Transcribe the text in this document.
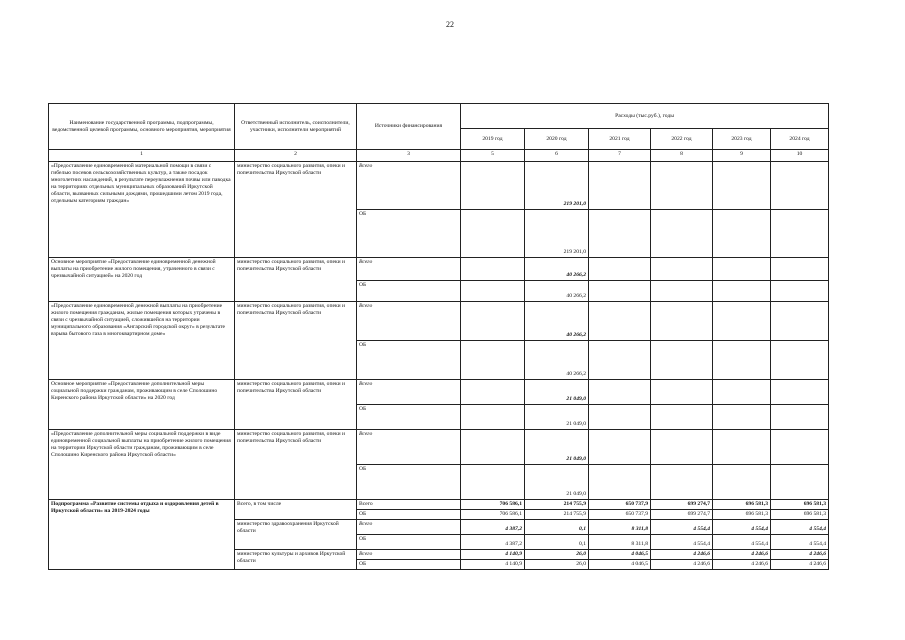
22
Наименование государственной программы, подпрограммы, ведомственной целевой программы, основного мероприятия, мероприятия	Ответственный исполнитель, соисполнители, участники, исполнители мероприятий	Источники финансирования	Расходы (тыс.руб.), годы					
			2019 год	2020 год	2021 год	2022 год	2023 год	2024 год
1	2	3	5	6	7	8	9	10
«Предоставление единовременной материальной помощи в связи с гибелью посевов сельскохозяйственных культур, а также посадок многолетних насаждений, в результате переувлажнения почвы или паводка на территориях отдельных муниципальных образований Иркутской области, вызванных сильными дождями, прошедшими летом 2019 года, отдельным категориям граждан»	министерство социального развития, опеки и попечительства Иркутской области	Всего		219 201,0				
		ОБ		219 201,0				
Основное мероприятие «Предоставление единовременной денежной выплаты на приобретение жилого помещения, утраченного в связи с чрезвычайной ситуацией» на 2020 год	министерство социального развития, опеки и попечительства Иркутской области	Всего		40 266,2				
		ОБ		40 266,2				
«Предоставление единовременной денежной выплаты на приобретение жилого помещения гражданам, жилые помещения которых утрачены в связи с чрезвычайной ситуацией, сложившейся на территории муниципального образования «Ангарский городской округ» в результате взрыва бытового газа в многоквартирном доме»	министерство социального развития, опеки и попечительства Иркутской области	Всего		40 266,2				
		ОБ		40 266,2				
Основное мероприятие «Предоставление дополнительной меры социальной поддержки гражданам, проживающим в селе Сполошино Киренского района Иркутской области» на 2020 год	министерство социального развития, опеки и попечительства Иркутской области	Всего		21 049,0				
		ОБ		21 049,0				
«Предоставление дополнительной меры социальной поддержки в виде единовременной социальной выплаты на приобретение жилого помещения на территории Иркутской области гражданам, проживающим в селе Сполошино Киренского района Иркутской области»	министерство социального развития, опеки и попечительства Иркутской области	Всего		21 049,0				
		ОБ		21 049,0				
Подпрограмма «Развитие системы отдыха и оздоровления детей в Иркутской области» на 2019-2024 годы	Всего, в том числе	Всего	706 586,1	214 755,9	650 737,9	699 274,7	696 581,3	696 581,3
		ОБ	706 586,1	214 755,9	650 737,9	699 274,7	696 581,3	696 581,3
	министерство здравоохранения Иркутской области	Всего	4 387,2	0,1	8 311,8	4 554,4	4 554,4	4 554,4
		ОБ	4 387,2	0,1	8 311,8	4 554,4	4 554,4	4 554,4
	министерство культуры и архивов Иркутской области	Всего	4 140,9	26,0	4 046,5	4 246,6	4 246,6	4 246,6
		ОБ	4 140,9	26,0	4 046,5	4 246,6	4 246,6	4 246,6
